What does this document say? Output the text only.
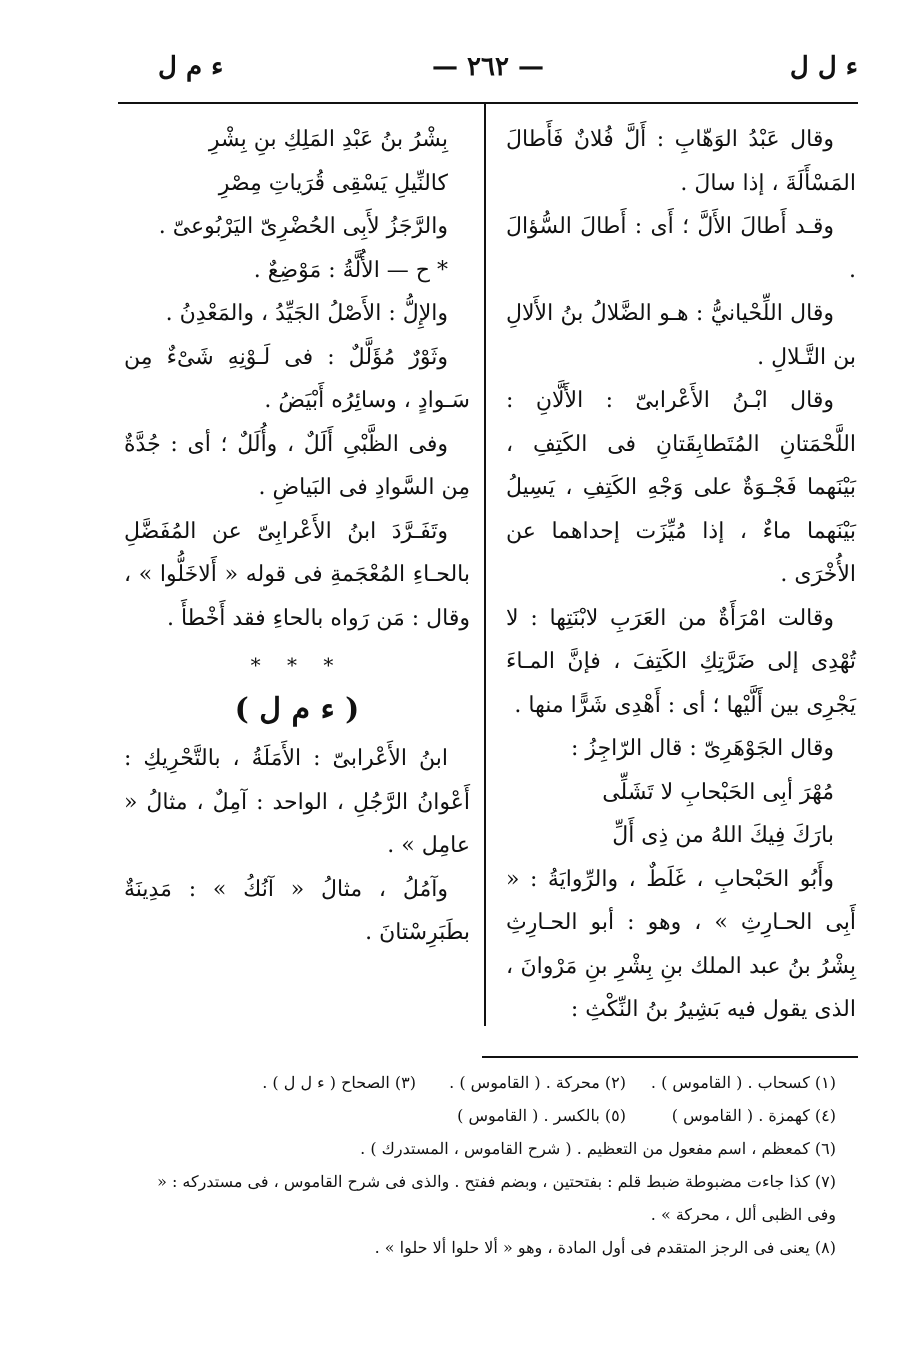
ء ل ل
— ٢٦٢ —
ء م ل

وقال عَبْدُ الوَهّابِ : أَلَّ فُلانٌ فَأَطالَ المَسْأَلَةَ ، إذا سالَ .

وقـد أَطالَ الأَلَّ ؛ أَى : أَطالَ السُّؤالَ .

وقال اللِّحْيانيُّ : هـو الضَّلالُ بنُ الأَلالِ بن التَّـلالِ .

وقال ابْـنُ الأَعْرابىّ : الأَلَّانِ : اللَّحْمَتانِ المُتَطابِقَتانِ فى الكَتِفِ ، بَيْنَهما فَجْـوَةٌ على وَجْهِ الكَتِفِ ، يَسِيلُ بَيْنَهما ماءٌ ، إذا مُيِّزَت إحداهما عن الأُخْرَى .

وقالت امْرَأَةٌ من العَرَبِ لابْنَتِها : لا تُهْدِى إلى ضَرَّتِكِ الكَتِفَ ، فإنَّ المـاءَ يَجْرِى بين أَلَّيْها ؛ أى : أَهْدِى شَرًّا منها .

وقال الجَوْهَرِىّ : قال الرّاجِزُ :

مُهْرَ أبِى الحَبْحابِ لا تَشَلِّى

بارَكَ فِيكَ اللهُ من ذِى أَلِّ

وأَبُو الحَبْحابِ ، غَلَطٌ ، والرِّوايَةُ : « أَبِى الحـارِثِ » ، وهو : أبو الحـارِثِ بِشْرُ بنُ عبد الملك بنِ بِشْرِ بنِ مَرْوانَ ، الذى يقول فيه بَشِيرُ بنُ النِّكْثِ :

بِشْرُ بنُ عَبْدِ المَلِكِ بنِ بِشْرِ

كالنِّيلِ يَسْقِى قُرَياتِ مِصْرِ

والرَّجَزُ لأَبِى الحُضْرِىّ اليَرْبُوعىّ .

* ح — الأُلَّةُ : مَوْضِعٌ .

والإِلُّ : الأَصْلُ الجَيِّدُ ، والمَعْدِنُ .

وثَوْرٌ مُؤَلَّلٌ : فى لَـوْنِهِ شَىْءٌ مِن سَـوادٍ ، وسائِرُه أَبْيَضُ .

وفى الظَّبْىِ أَلَلٌ ، وأُلَلٌ ؛ أى : جُدَّةٌ مِن السَّوادِ فى البَياضِ .

وتَفَـرَّدَ ابنُ الأَعْرابِىّ عن المُفَضَّلِ بالحـاءِ المُعْجَمةِ فى قوله « أَلاخَلُّوا » ، وقال : مَن رَواه بالحاءِ فقد أَخْطأَ .

* * *

( ء م ل )

ابنُ الأَعْرابىّ : الأَمَلَةُ ، بالتَّحْرِيكِ : أَعْوانُ الرَّجُلِ ، الواحد : آمِلٌ ، مثالُ « عامِل » .

وآمُلُ ، مثالُ « آنُكُ » : مَدِينَةٌ بطَبَرِسْتانَ .

(١) كسحاب . ( القاموس ) .
(٢) محركة . ( القاموس ) .
(٣) الصحاح ( ء ل ل ) .
(٤) كهمزة . ( القاموس )
(٥) بالكسر . ( القاموس )

(٦) كمعظم ، اسم مفعول من التعظيم . ( شرح القاموس ، المستدرك ) .

(٧) كذا جاءت مضبوطة ضبط قلم : بفتحتين ، وبضم ففتح . والذى فى شرح القاموس ، فى مستدركه : « وفى الظبى ألل ، محركة » .

(٨) يعنى فى الرجز المتقدم فى أول المادة ، وهو « ألا حلوا ألا حلوا » .
